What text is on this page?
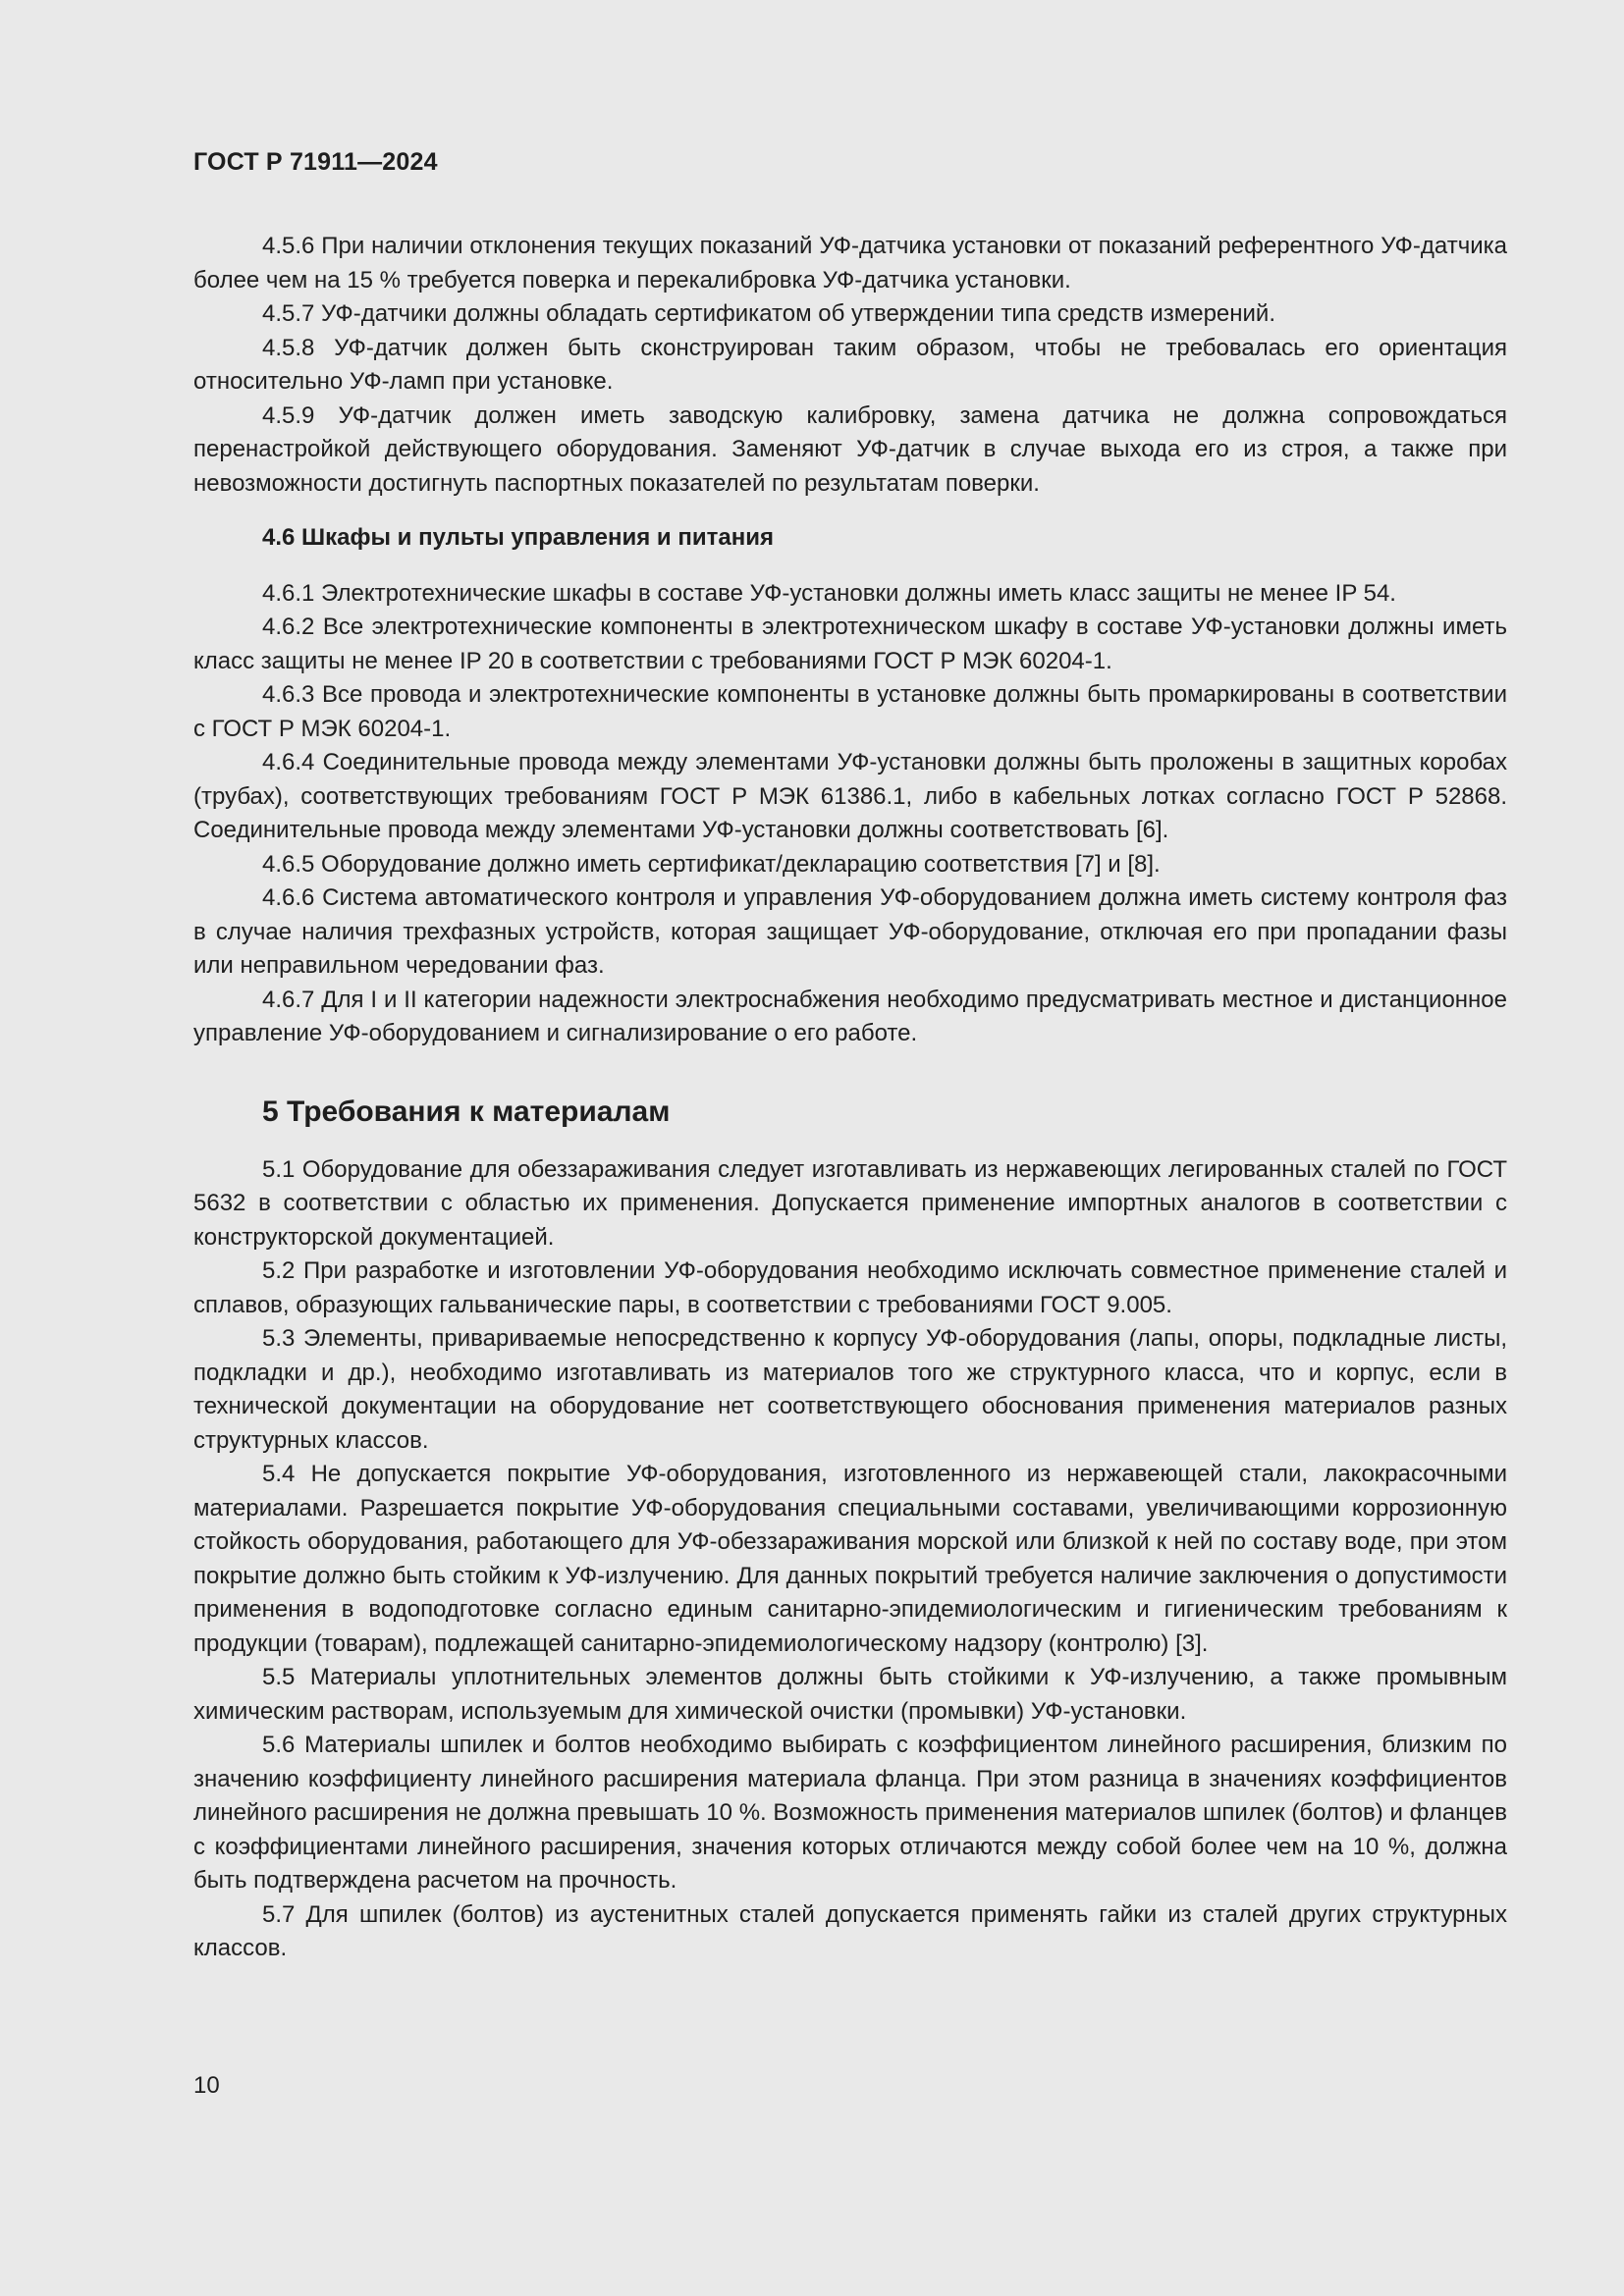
ГОСТ Р 71911—2024

4.5.6 При наличии отклонения текущих показаний УФ-датчика установки от показаний референтного УФ-датчика более чем на 15 % требуется поверка и перекалибровка УФ-датчика установки.

4.5.7 УФ-датчики должны обладать сертификатом об утверждении типа средств измерений.

4.5.8 УФ-датчик должен быть сконструирован таким образом, чтобы не требовалась его ориентация относительно УФ-ламп при установке.

4.5.9 УФ-датчик должен иметь заводскую калибровку, замена датчика не должна сопровождаться перенастройкой действующего оборудования. Заменяют УФ-датчик в случае выхода его из строя, а также при невозможности достигнуть паспортных показателей по результатам поверки.

4.6 Шкафы и пульты управления и питания

4.6.1 Электротехнические шкафы в составе УФ-установки должны иметь класс защиты не менее IP 54.

4.6.2 Все электротехнические компоненты в электротехническом шкафу в составе УФ-установки должны иметь класс защиты не менее IP 20 в соответствии с требованиями ГОСТ Р МЭК 60204-1.

4.6.3 Все провода и электротехнические компоненты в установке должны быть промаркированы в соответствии с ГОСТ Р МЭК 60204-1.

4.6.4 Соединительные провода между элементами УФ-установки должны быть проложены в защитных коробах (трубах), соответствующих требованиям ГОСТ Р МЭК 61386.1, либо в кабельных лотках согласно ГОСТ Р 52868. Соединительные провода между элементами УФ-установки должны соответствовать [6].

4.6.5 Оборудование должно иметь сертификат/декларацию соответствия [7] и [8].

4.6.6 Система автоматического контроля и управления УФ-оборудованием должна иметь систему контроля фаз в случае наличия трехфазных устройств, которая защищает УФ-оборудование, отключая его при пропадании фазы или неправильном чередовании фаз.

4.6.7 Для I и II категории надежности электроснабжения необходимо предусматривать местное и дистанционное управление УФ-оборудованием и сигнализирование о его работе.

5 Требования к материалам

5.1 Оборудование для обеззараживания следует изготавливать из нержавеющих легированных сталей по ГОСТ 5632 в соответствии с областью их применения. Допускается применение импортных аналогов в соответствии с конструкторской документацией.

5.2 При разработке и изготовлении УФ-оборудования необходимо исключать совместное применение сталей и сплавов, образующих гальванические пары, в соответствии с требованиями ГОСТ 9.005.

5.3 Элементы, привариваемые непосредственно к корпусу УФ-оборудования (лапы, опоры, подкладные листы, подкладки и др.), необходимо изготавливать из материалов того же структурного класса, что и корпус, если в технической документации на оборудование нет соответствующего обоснования применения материалов разных структурных классов.

5.4 Не допускается покрытие УФ-оборудования, изготовленного из нержавеющей стали, лакокрасочными материалами. Разрешается покрытие УФ-оборудования специальными составами, увеличивающими коррозионную стойкость оборудования, работающего для УФ-обеззараживания морской или близкой к ней по составу воде, при этом покрытие должно быть стойким к УФ-излучению. Для данных покрытий требуется наличие заключения о допустимости применения в водоподготовке согласно единым санитарно-эпидемиологическим и гигиеническим требованиям к продукции (товарам), подлежащей санитарно-эпидемиологическому надзору (контролю) [3].

5.5 Материалы уплотнительных элементов должны быть стойкими к УФ-излучению, а также промывным химическим растворам, используемым для химической очистки (промывки) УФ-установки.

5.6 Материалы шпилек и болтов необходимо выбирать с коэффициентом линейного расширения, близким по значению коэффициенту линейного расширения материала фланца. При этом разница в значениях коэффициентов линейного расширения не должна превышать 10 %. Возможность применения материалов шпилек (болтов) и фланцев с коэффициентами линейного расширения, значения которых отличаются между собой более чем на 10 %, должна быть подтверждена расчетом на прочность.

5.7 Для шпилек (болтов) из аустенитных сталей допускается применять гайки из сталей других структурных классов.

10
